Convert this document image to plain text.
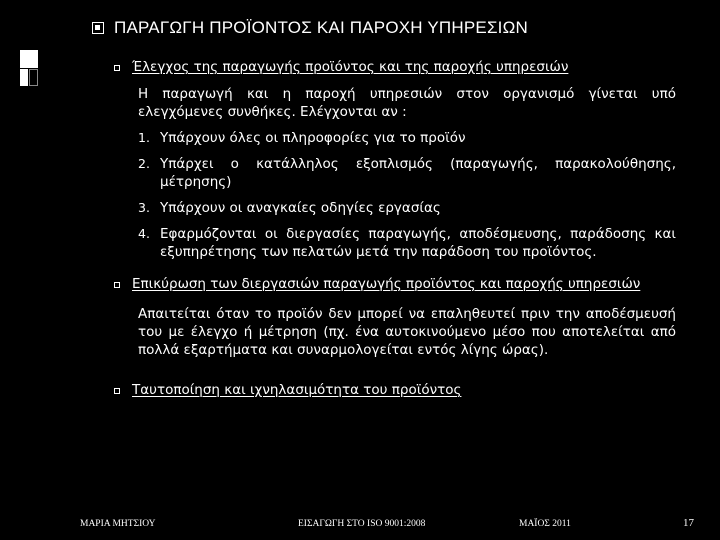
ΠΑΡΑΓΩΓΗ ΠΡΟΪΟΝΤΟΣ ΚΑΙ ΠΑΡΟΧΗ ΥΠΗΡΕΣΙΩΝ
Έλεγχος της παραγωγής προϊόντος και της παροχής υπηρεσιών
Η παραγωγή και η παροχή υπηρεσιών στον οργανισμό γίνεται υπό ελεγχόμενες συνθήκες. Ελέγχονται αν :
1. Υπάρχουν όλες οι πληροφορίες για το προϊόν
2. Υπάρχει ο κατάλληλος εξοπλισμός (παραγωγής, παρακολούθησης, μέτρησης)
3. Υπάρχουν οι αναγκαίες οδηγίες εργασίας
4. Εφαρμόζονται οι διεργασίες παραγωγής, αποδέσμευσης, παράδοσης και εξυπηρέτησης των πελατών μετά την παράδοση του προϊόντος.
Επικύρωση των διεργασιών παραγωγής προϊόντος και παροχής υπηρεσιών
Απαιτείται όταν το προϊόν δεν μπορεί να επαληθευτεί πριν την αποδέσμευσή του με έλεγχο ή μέτρηση (πχ. ένα αυτοκινούμενο μέσο που αποτελείται από πολλά εξαρτήματα και συναρμολογείται εντός λίγης ώρας).
Ταυτοποίηση και ιχνηλασιμότητα του προϊόντος
ΜΑΡΙΑ ΜΗΤΣΙΟΥ	ΕΙΣΑΓΩΓΗ ΣΤΟ ISO 9001:2008	ΜΑΪΟΣ 2011	17
